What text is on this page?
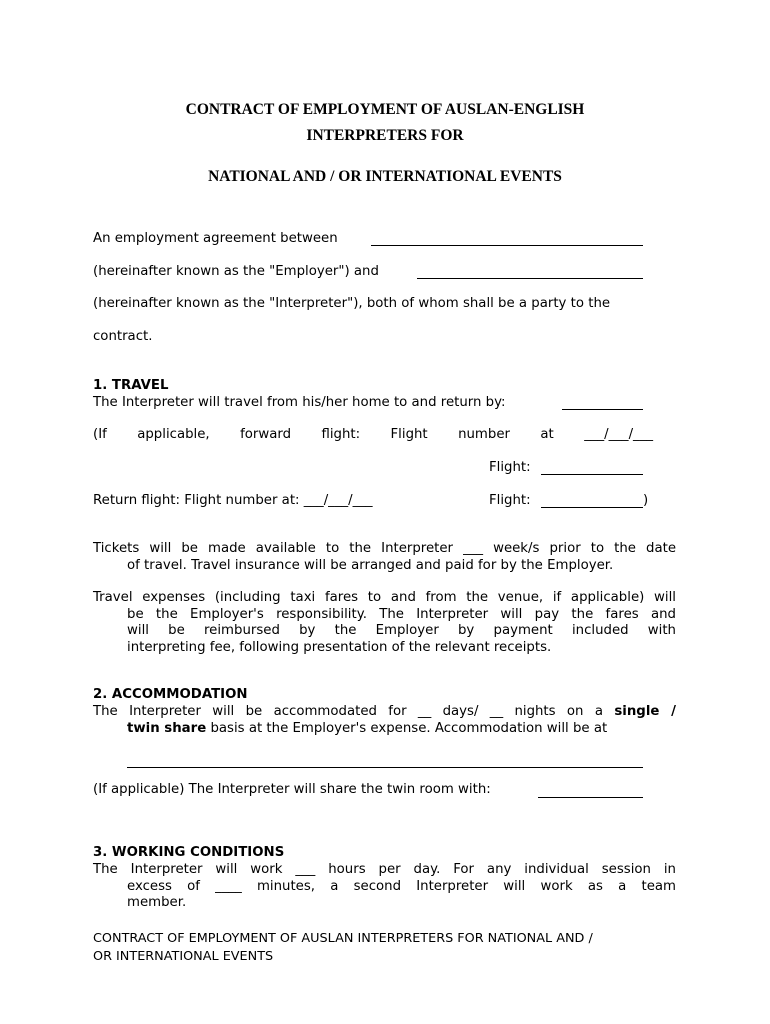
CONTRACT OF EMPLOYMENT OF AUSLAN-ENGLISH
INTERPRETERS FOR
NATIONAL AND / OR INTERNATIONAL EVENTS
An employment agreement between
(hereinafter known as the "Employer") and
(hereinafter known as the "Interpreter"), both of whom shall be a party to the
contract.
1. TRAVEL
The Interpreter will travel from his/her home to and return by:
(If applicable, forward flight: Flight number at ___/___/___
Flight:
Return flight: Flight number at: ___/___/___	Flight:	)
Tickets will be made available to the Interpreter ___ week/s prior to the date
of travel. Travel insurance will be arranged and paid for by the Employer.
Travel expenses (including taxi fares to and from the venue, if applicable) will
be the Employer's responsibility. The Interpreter will pay the fares and
will be reimbursed by the Employer by payment included with
interpreting fee, following presentation of the relevant receipts.
2. ACCOMMODATION
The Interpreter will be accommodated for __ days/ __ nights on a single /
twin share basis at the Employer's expense. Accommodation will be at
(If applicable) The Interpreter will share the twin room with:
3. WORKING CONDITIONS
The Interpreter will work ___ hours per day. For any individual session in
excess of ____ minutes, a second Interpreter will work as a team
member.
CONTRACT OF EMPLOYMENT OF AUSLAN INTERPRETERS FOR NATIONAL AND /
OR INTERNATIONAL EVENTS
